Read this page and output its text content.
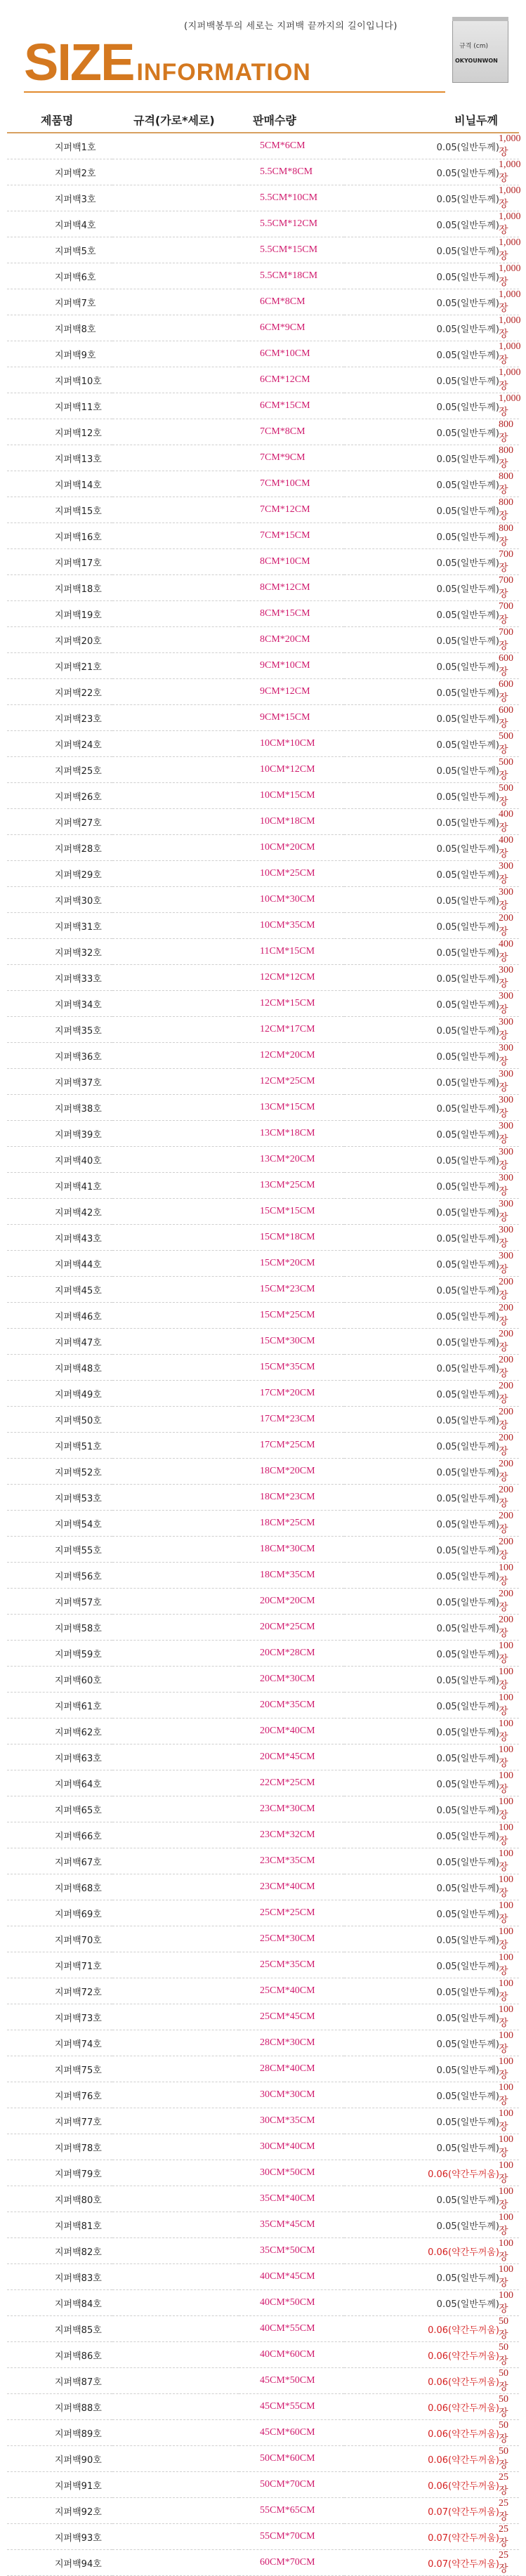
(지퍼백봉투의 세로는 지퍼백 끝까지의 길이입니다)
SIZE INFORMATION
규격 (cm)
OKYOUNWON
제품명	규격(가로*세로)	판매수량	비닐두께
지퍼백1호	5CM*6CM	1,000장	0.05(일반두께)
지퍼백2호	5.5CM*8CM	1,000장	0.05(일반두께)
지퍼백3호	5.5CM*10CM	1,000장	0.05(일반두께)
지퍼백4호	5.5CM*12CM	1,000장	0.05(일반두께)
지퍼백5호	5.5CM*15CM	1,000장	0.05(일반두께)
지퍼백6호	5.5CM*18CM	1,000장	0.05(일반두께)
지퍼백7호	6CM*8CM	1,000장	0.05(일반두께)
지퍼백8호	6CM*9CM	1,000장	0.05(일반두께)
지퍼백9호	6CM*10CM	1,000장	0.05(일반두께)
지퍼백10호	6CM*12CM	1,000장	0.05(일반두께)
지퍼백11호	6CM*15CM	1,000장	0.05(일반두께)
지퍼백12호	7CM*8CM	800장	0.05(일반두께)
지퍼백13호	7CM*9CM	800장	0.05(일반두께)
지퍼백14호	7CM*10CM	800장	0.05(일반두께)
지퍼백15호	7CM*12CM	800장	0.05(일반두께)
지퍼백16호	7CM*15CM	800장	0.05(일반두께)
지퍼백17호	8CM*10CM	700장	0.05(일반두께)
지퍼백18호	8CM*12CM	700장	0.05(일반두께)
지퍼백19호	8CM*15CM	700장	0.05(일반두께)
지퍼백20호	8CM*20CM	700장	0.05(일반두께)
지퍼백21호	9CM*10CM	600장	0.05(일반두께)
지퍼백22호	9CM*12CM	600장	0.05(일반두께)
지퍼백23호	9CM*15CM	600장	0.05(일반두께)
지퍼백24호	10CM*10CM	500장	0.05(일반두께)
지퍼백25호	10CM*12CM	500장	0.05(일반두께)
지퍼백26호	10CM*15CM	500장	0.05(일반두께)
지퍼백27호	10CM*18CM	400장	0.05(일반두께)
지퍼백28호	10CM*20CM	400장	0.05(일반두께)
지퍼백29호	10CM*25CM	300장	0.05(일반두께)
지퍼백30호	10CM*30CM	300장	0.05(일반두께)
지퍼백31호	10CM*35CM	200장	0.05(일반두께)
지퍼백32호	11CM*15CM	400장	0.05(일반두께)
지퍼백33호	12CM*12CM	300장	0.05(일반두께)
지퍼백34호	12CM*15CM	300장	0.05(일반두께)
지퍼백35호	12CM*17CM	300장	0.05(일반두께)
지퍼백36호	12CM*20CM	300장	0.05(일반두께)
지퍼백37호	12CM*25CM	300장	0.05(일반두께)
지퍼백38호	13CM*15CM	300장	0.05(일반두께)
지퍼백39호	13CM*18CM	300장	0.05(일반두께)
지퍼백40호	13CM*20CM	300장	0.05(일반두께)
지퍼백41호	13CM*25CM	300장	0.05(일반두께)
지퍼백42호	15CM*15CM	300장	0.05(일반두께)
지퍼백43호	15CM*18CM	300장	0.05(일반두께)
지퍼백44호	15CM*20CM	300장	0.05(일반두께)
지퍼백45호	15CM*23CM	200장	0.05(일반두께)
지퍼백46호	15CM*25CM	200장	0.05(일반두께)
지퍼백47호	15CM*30CM	200장	0.05(일반두께)
지퍼백48호	15CM*35CM	200장	0.05(일반두께)
지퍼백49호	17CM*20CM	200장	0.05(일반두께)
지퍼백50호	17CM*23CM	200장	0.05(일반두께)
지퍼백51호	17CM*25CM	200장	0.05(일반두께)
지퍼백52호	18CM*20CM	200장	0.05(일반두께)
지퍼백53호	18CM*23CM	200장	0.05(일반두께)
지퍼백54호	18CM*25CM	200장	0.05(일반두께)
지퍼백55호	18CM*30CM	200장	0.05(일반두께)
지퍼백56호	18CM*35CM	100장	0.05(일반두께)
지퍼백57호	20CM*20CM	200장	0.05(일반두께)
지퍼백58호	20CM*25CM	200장	0.05(일반두께)
지퍼백59호	20CM*28CM	100장	0.05(일반두께)
지퍼백60호	20CM*30CM	100장	0.05(일반두께)
지퍼백61호	20CM*35CM	100장	0.05(일반두께)
지퍼백62호	20CM*40CM	100장	0.05(일반두께)
지퍼백63호	20CM*45CM	100장	0.05(일반두께)
지퍼백64호	22CM*25CM	100장	0.05(일반두께)
지퍼백65호	23CM*30CM	100장	0.05(일반두께)
지퍼백66호	23CM*32CM	100장	0.05(일반두께)
지퍼백67호	23CM*35CM	100장	0.05(일반두께)
지퍼백68호	23CM*40CM	100장	0.05(일반두께)
지퍼백69호	25CM*25CM	100장	0.05(일반두께)
지퍼백70호	25CM*30CM	100장	0.05(일반두께)
지퍼백71호	25CM*35CM	100장	0.05(일반두께)
지퍼백72호	25CM*40CM	100장	0.05(일반두께)
지퍼백73호	25CM*45CM	100장	0.05(일반두께)
지퍼백74호	28CM*30CM	100장	0.05(일반두께)
지퍼백75호	28CM*40CM	100장	0.05(일반두께)
지퍼백76호	30CM*30CM	100장	0.05(일반두께)
지퍼백77호	30CM*35CM	100장	0.05(일반두께)
지퍼백78호	30CM*40CM	100장	0.05(일반두께)
지퍼백79호	30CM*50CM	100장	0.06(약간두꺼움)
지퍼백80호	35CM*40CM	100장	0.05(일반두께)
지퍼백81호	35CM*45CM	100장	0.05(일반두께)
지퍼백82호	35CM*50CM	100장	0.06(약간두꺼움)
지퍼백83호	40CM*45CM	100장	0.05(일반두께)
지퍼백84호	40CM*50CM	100장	0.05(일반두께)
지퍼백85호	40CM*55CM	50장	0.06(약간두꺼움)
지퍼백86호	40CM*60CM	50장	0.06(약간두꺼움)
지퍼백87호	45CM*50CM	50장	0.06(약간두꺼움)
지퍼백88호	45CM*55CM	50장	0.06(약간두꺼움)
지퍼백89호	45CM*60CM	50장	0.06(약간두꺼움)
지퍼백90호	50CM*60CM	50장	0.06(약간두꺼움)
지퍼백91호	50CM*70CM	25장	0.06(약간두꺼움)
지퍼백92호	55CM*65CM	25장	0.07(약간두꺼움)
지퍼백93호	55CM*70CM	25장	0.07(약간두꺼움)
지퍼백94호	60CM*70CM	25장	0.07(약간두꺼움)
